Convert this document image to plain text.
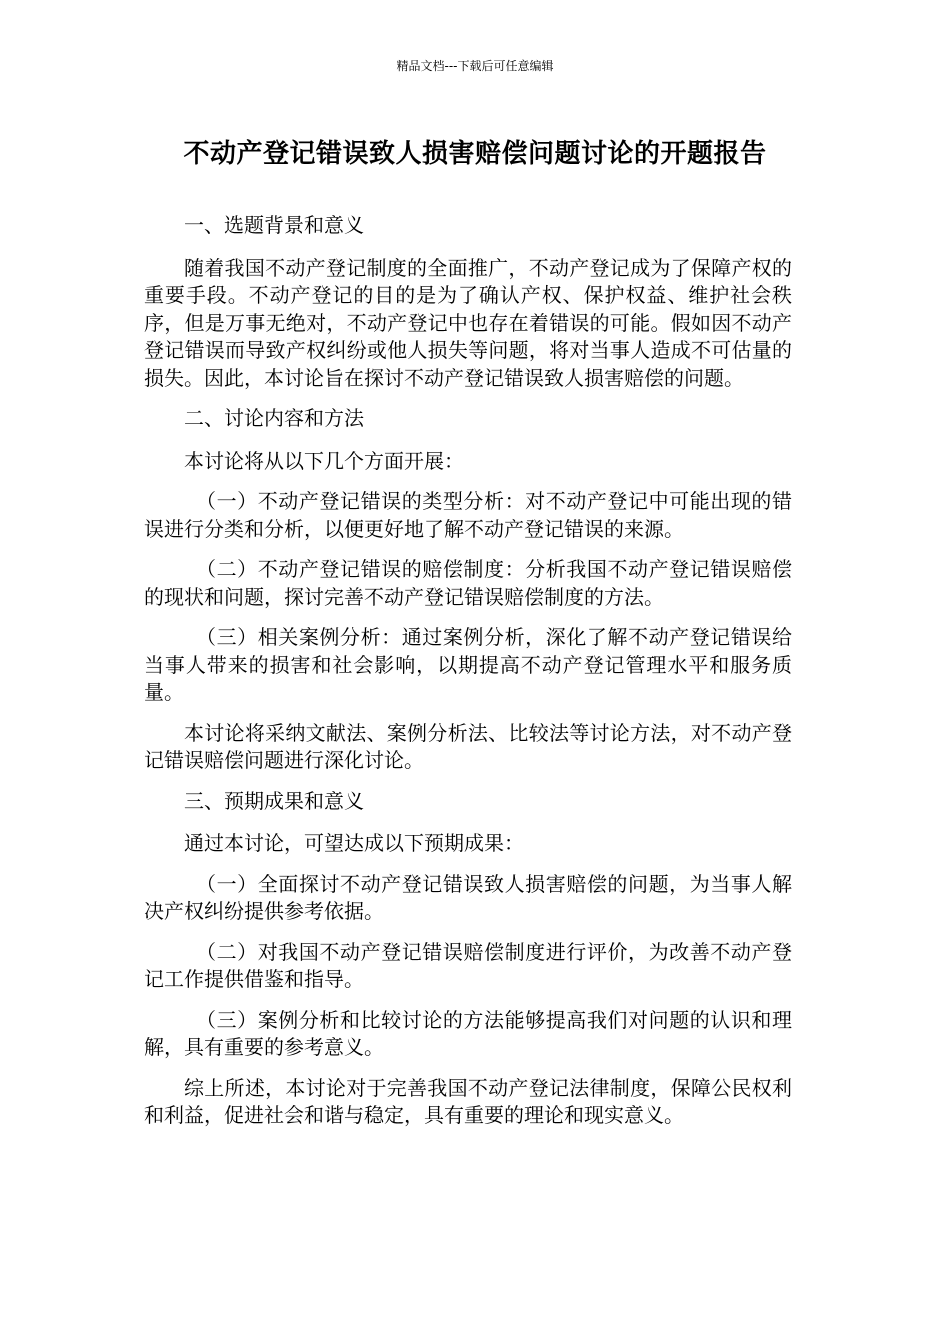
精品文档---下载后可任意编辑
不动产登记错误致人损害赔偿问题讨论的开题报告

一、选题背景和意义

随着我国不动产登记制度的全面推广，不动产登记成为了保障产权的重要手段。不动产登记的目的是为了确认产权、保护权益、维护社会秩序，但是万事无绝对，不动产登记中也存在着错误的可能。假如因不动产登记错误而导致产权纠纷或他人损失等问题，将对当事人造成不可估量的损失。因此，本讨论旨在探讨不动产登记错误致人损害赔偿的问题。

二、讨论内容和方法

本讨论将从以下几个方面开展：

（一）不动产登记错误的类型分析：对不动产登记中可能出现的错误进行分类和分析，以便更好地了解不动产登记错误的来源。

（二）不动产登记错误的赔偿制度：分析我国不动产登记错误赔偿的现状和问题，探讨完善不动产登记错误赔偿制度的方法。

（三）相关案例分析：通过案例分析，深化了解不动产登记错误给当事人带来的损害和社会影响，以期提高不动产登记管理水平和服务质量。

本讨论将采纳文献法、案例分析法、比较法等讨论方法，对不动产登记错误赔偿问题进行深化讨论。

三、预期成果和意义

通过本讨论，可望达成以下预期成果：

（一）全面探讨不动产登记错误致人损害赔偿的问题，为当事人解决产权纠纷提供参考依据。

（二）对我国不动产登记错误赔偿制度进行评价，为改善不动产登记工作提供借鉴和指导。

（三）案例分析和比较讨论的方法能够提高我们对问题的认识和理解，具有重要的参考意义。

综上所述，本讨论对于完善我国不动产登记法律制度，保障公民权利和利益，促进社会和谐与稳定，具有重要的理论和现实意义。
